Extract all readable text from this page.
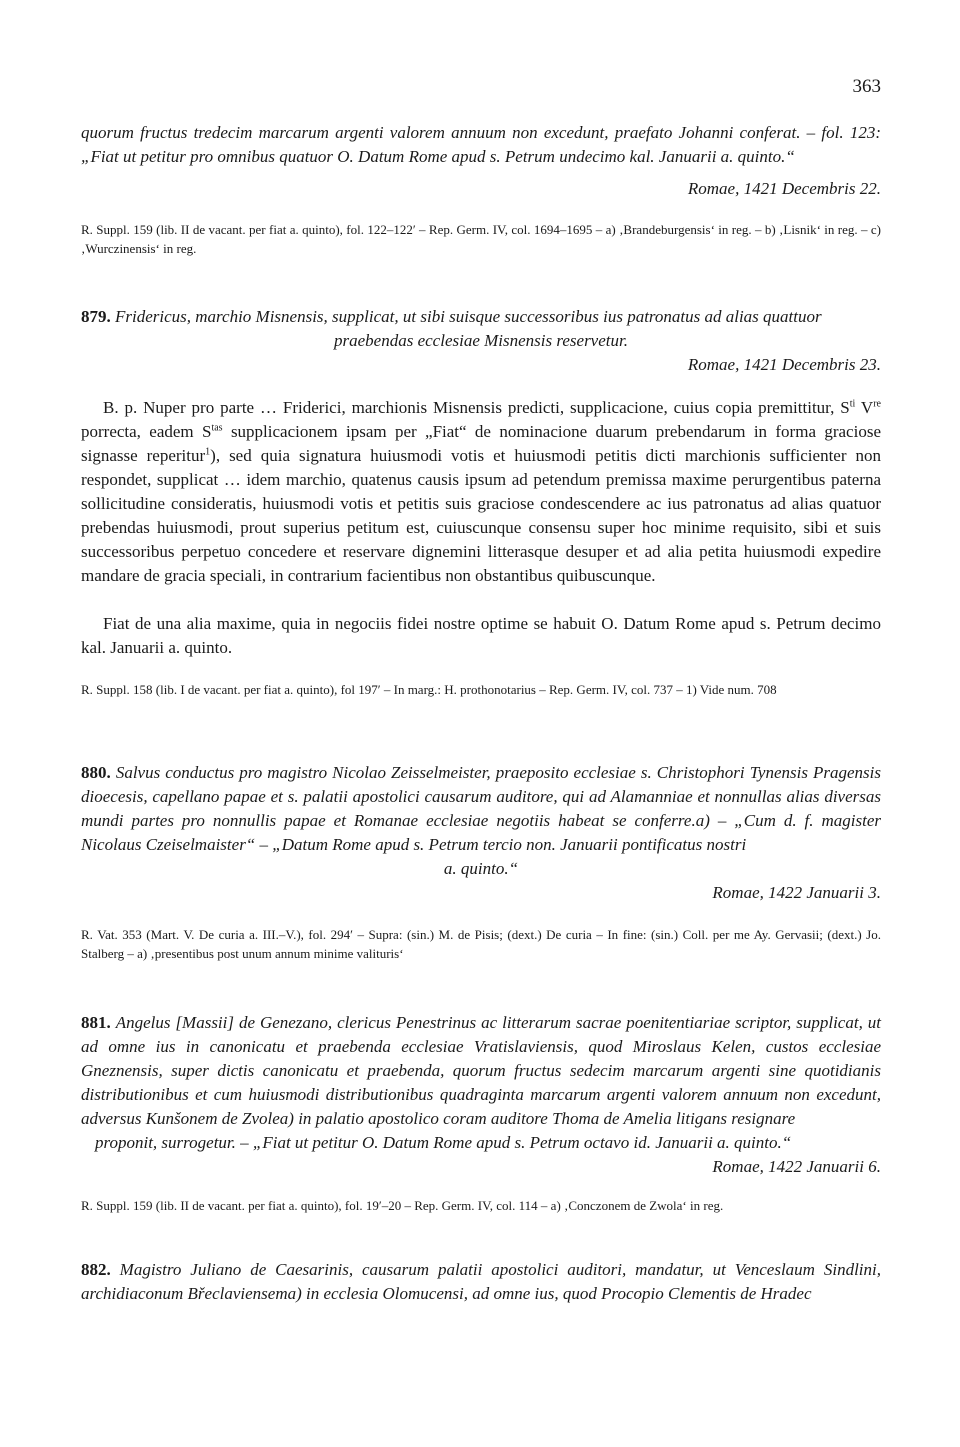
363
quorum fructus tredecim marcarum argenti valorem annuum non excedunt, praefato Johanni conferat. – fol. 123: „Fiat ut petitur pro omnibus quatuor O. Datum Rome apud s. Petrum undecimo kal. Januarii a. quinto.“
Romae, 1421 Decembris 22.
R. Suppl. 159 (lib. II de vacant. per fiat a. quinto), fol. 122–122′ – Rep. Germ. IV, col. 1694–1695 – a) ‚Brandeburgensis‘ in reg. – b) ‚Lisnik‘ in reg. – c) ‚Wurczinensis‘ in reg.
879. Fridericus, marchio Misnensis, supplicat, ut sibi suisque successoribus ius patronatus ad alias quattuor
praebendas ecclesiae Misnensis reservetur.
Romae, 1421 Decembris 23.
B. p. Nuper pro parte … Friderici, marchionis Misnensis predicti, supplicacione, cuius copia premittitur, $S^{ti}$ Vre porrecta, eadem $S^{tas}$ supplicacionem ipsam per „Fiat“ de nominacione duarum prebendarum in forma graciose signasse reperitur$^1$), sed quia signatura huiusmodi votis et huiusmodi petitis dicti marchionis sufficienter non respondet, supplicat … idem marchio, quatenus causis ipsum ad petendum premissa maxime perurgentibus paterna sollicitudine consideratis, huiusmodi votis et petitis suis graciose condescendere ac ius patronatus ad alias quatuor prebendas huiusmodi, prout superius petitum est, cuiuscunque consensu super hoc minime requisito, sibi et suis successoribus perpetuo concedere et reservare dignemini litterasque desuper et ad alia petita huiusmodi expedire mandare de gracia speciali, in contrarium facientibus non obstantibus quibuscunque.
Fiat de una alia maxime, quia in negociis fidei nostre optime se habuit O. Datum Rome apud s. Petrum decimo kal. Januarii a. quinto.
R. Suppl. 158 (lib. I de vacant. per fiat a. quinto), fol 197′ – In marg.: H. prothonotarius – Rep. Germ. IV, col. 737 – 1) Vide num. 708
880. Salvus conductus pro magistro Nicolao Zeisselmeister, praeposito ecclesiae s. Christophori Tynensis Pragensis dioecesis, capellano papae et s. palatii apostolici causarum auditore, qui ad Alamanniae et nonnullas alias diversas mundi partes pro nonnullis papae et Romanae ecclesiae negotiis habeat se conferre.a) – „Cum d. f. magister Nicolaus Czeiselmaister“ – „Datum Rome apud s. Petrum tercio non. Januarii pontificatus nostri
a. quinto.“
Romae, 1422 Januarii 3.
R. Vat. 353 (Mart. V. De curia a. III.–V.), fol. 294′ – Supra: (sin.) M. de Pisis; (dext.) De curia – In fine: (sin.) Coll. per me Ay. Gervasii; (dext.) Jo. Stalberg – a) ‚presentibus post unum annum minime valituris‘
881. Angelus [Massii] de Genezano, clericus Penestrinus ac litterarum sacrae poenitentiariae scriptor, supplicat, ut ad omne ius in canonicatu et praebenda ecclesiae Vratislaviensis, quod Miroslaus Kelen, custos ecclesiae Gneznensis, super dictis canonicatu et praebenda, quorum fructus sedecim marcarum argenti sine quotidianis distributionibus et cum huiusmodi distributionibus quadraginta marcarum argenti valorem annuum non excedunt, adversus Kunšonem de Zvolea) in palatio apostolico coram auditore Thoma de Amelia litigans resignare
proponit, surrogetur. – „Fiat ut petitur O. Datum Rome apud s. Petrum octavo id. Januarii a. quinto.“
Romae, 1422 Januarii 6.
R. Suppl. 159 (lib. II de vacant. per fiat a. quinto), fol. 19′–20 – Rep. Germ. IV, col. 114 – a) ‚Conczonem de Zwola‘ in reg.
882. Magistro Juliano de Caesarinis, causarum palatii apostolici auditori, mandatur, ut Venceslaum Sindlini, archidiaconum Břeclaviensema) in ecclesia Olomucensi, ad omne ius, quod Procopio Clementis de Hradec
